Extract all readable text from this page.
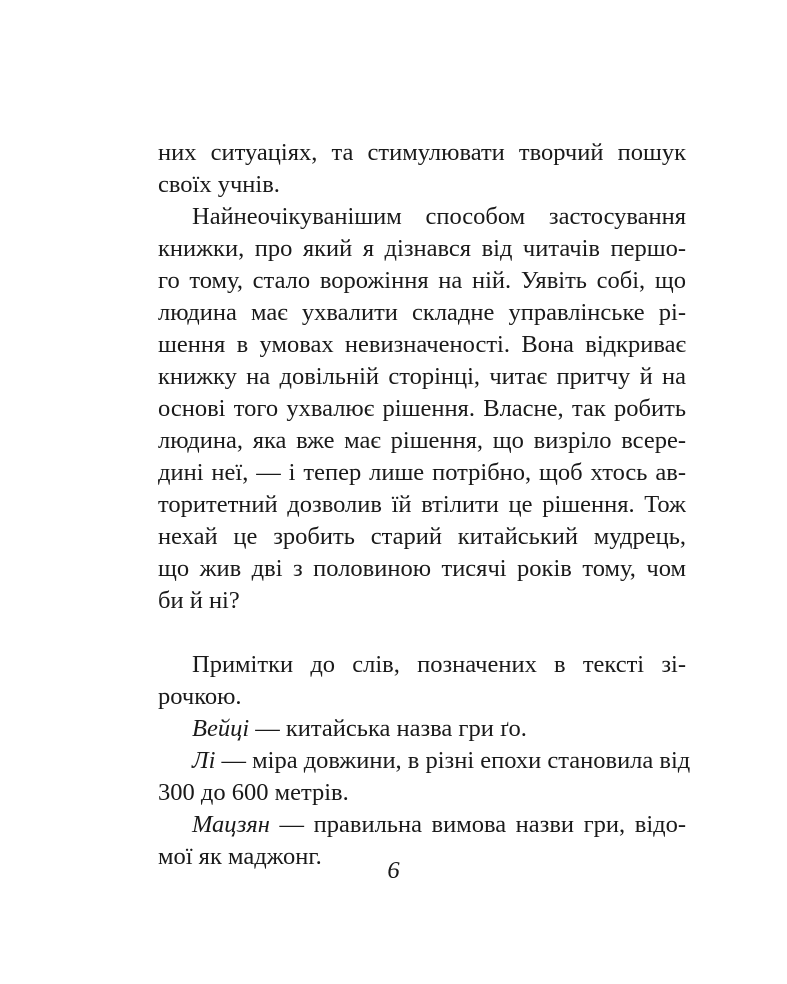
них ситуаціях, та стимулювати творчий пошук
своїх учнів.
Найнеочікуванішим способом застосування
книжки, про який я дізнався від читачів першо-
го тому, стало ворожіння на ній. Уявіть собі, що
людина має ухвалити складне управлінське рі-
шення в умовах невизначеності. Вона відкриває
книжку на довільній сторінці, читає притчу й на
основі того ухвалює рішення. Власне, так робить
людина, яка вже має рішення, що визріло всере-
дині неї, — і тепер лише потрібно, щоб хтось ав-
торитетний дозволив їй втілити це рішення. Тож
нехай це зробить старий китайський мудрець,
що жив дві з половиною тисячі років тому, чом
би й ні?
Примітки до слів, позначених в тексті зі-
рочкою.
Вейці — китайська назва гри ґо.
Лі — міра довжини, в різні епохи становила від
300 до 600 метрів.
Мацзян — правильна вимова назви гри, відо-
мої як маджонг.
6
